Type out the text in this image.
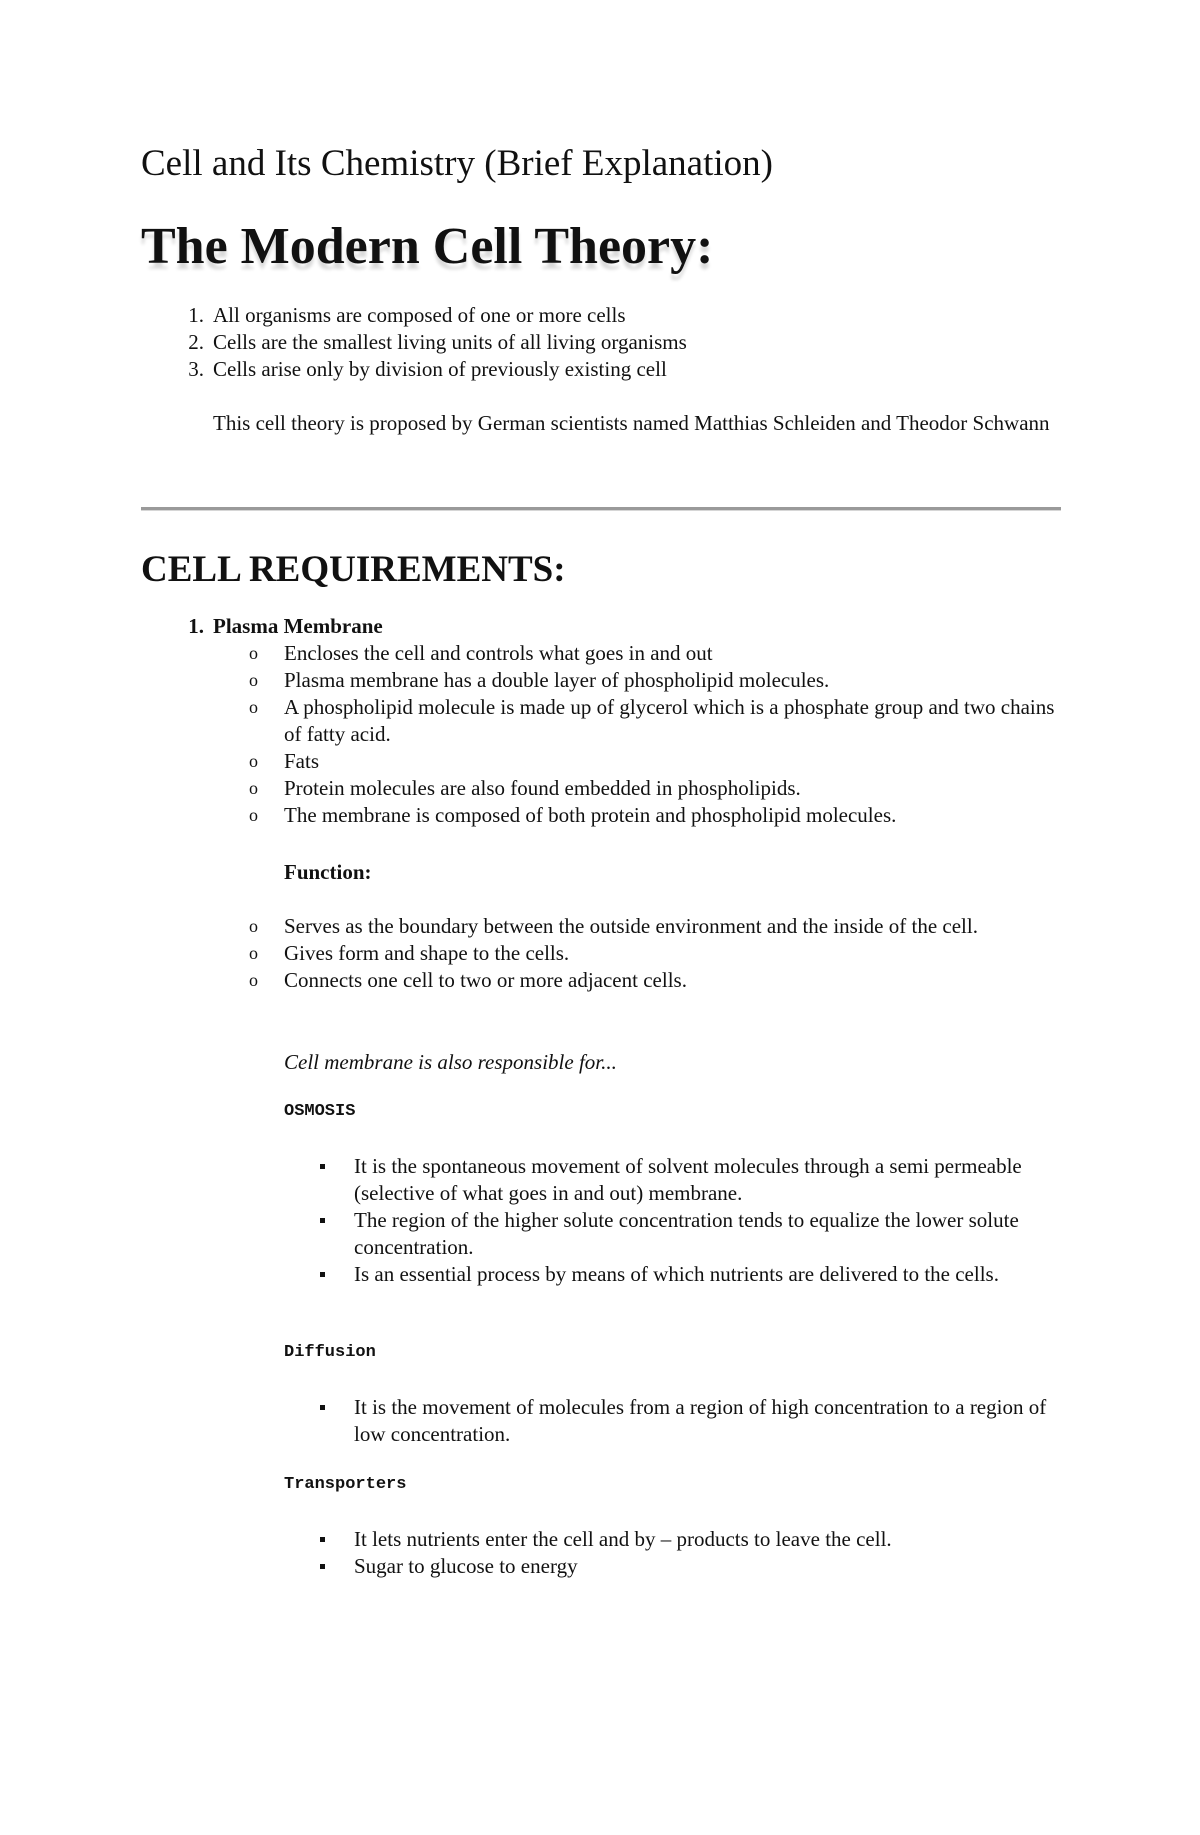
Cell and Its Chemistry (Brief Explanation)
The Modern Cell Theory:
1. All organisms are composed of one or more cells
2. Cells are the smallest living units of all living organisms
3. Cells arise only by division of previously existing cell
This cell theory is proposed by German scientists named Matthias Schleiden and Theodor Schwann
CELL REQUIREMENTS:
1. Plasma Membrane
o Encloses the cell and controls what goes in and out
o Plasma membrane has a double layer of phospholipid molecules.
o A phospholipid molecule is made up of glycerol which is a phosphate group and two chains of fatty acid.
o Fats
o Protein molecules are also found embedded in phospholipids.
o The membrane is composed of both protein and phospholipid molecules.
Function:
o Serves as the boundary between the outside environment and the inside of the cell.
o Gives form and shape to the cells.
o Connects one cell to two or more adjacent cells.
Cell membrane is also responsible for...
OSMOSIS
It is the spontaneous movement of solvent molecules through a semi permeable (selective of what goes in and out) membrane.
The region of the higher solute concentration tends to equalize the lower solute concentration.
Is an essential process by means of which nutrients are delivered to the cells.
Diffusion
It is the movement of molecules from a region of high concentration to a region of low concentration.
Transporters
It lets nutrients enter the cell and by – products to leave the cell.
Sugar to glucose to energy
